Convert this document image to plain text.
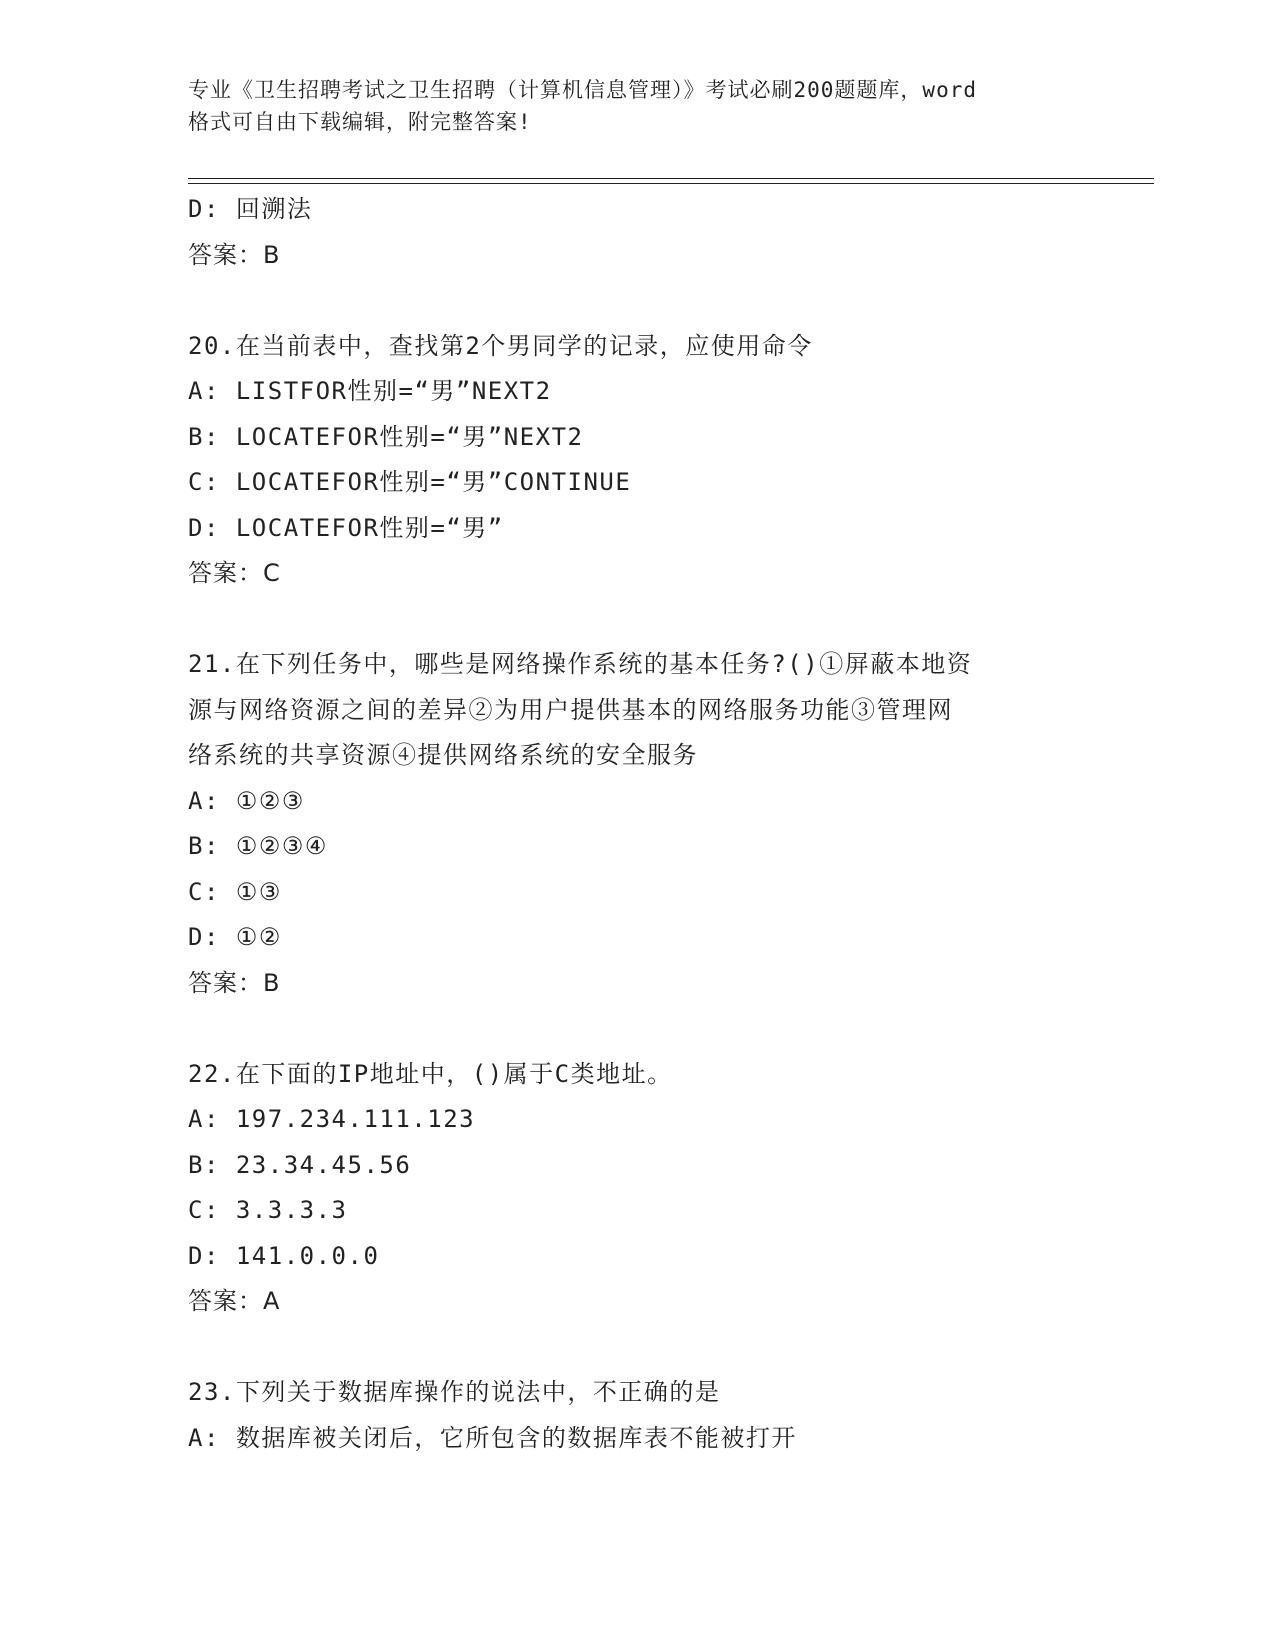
专业《卫生招聘考试之卫生招聘（计算机信息管理）》考试必刷200题题库，word
格式可自由下载编辑，附完整答案!
D: 回溯法
答案：B
20.在当前表中，查找第2个男同学的记录，应使用命令
A: LISTFOR性别=“男”NEXT2
B: LOCATEFOR性别=“男”NEXT2
C: LOCATEFOR性别=“男”CONTINUE
D: LOCATEFOR性别=“男”
答案：C
21.在下列任务中，哪些是网络操作系统的基本任务?()①屏蔽本地资
源与网络资源之间的差异②为用户提供基本的网络服务功能③管理网
络系统的共享资源④提供网络系统的安全服务
A: ①②③
B: ①②③④
C: ①③
D: ①②
答案：B
22.在下面的IP地址中，()属于C类地址。
A: 197.234.111.123
B: 23.34.45.56
C: 3.3.3.3
D: 141.0.0.0
答案：A
23.下列关于数据库操作的说法中，不正确的是
A: 数据库被关闭后，它所包含的数据库表不能被打开
